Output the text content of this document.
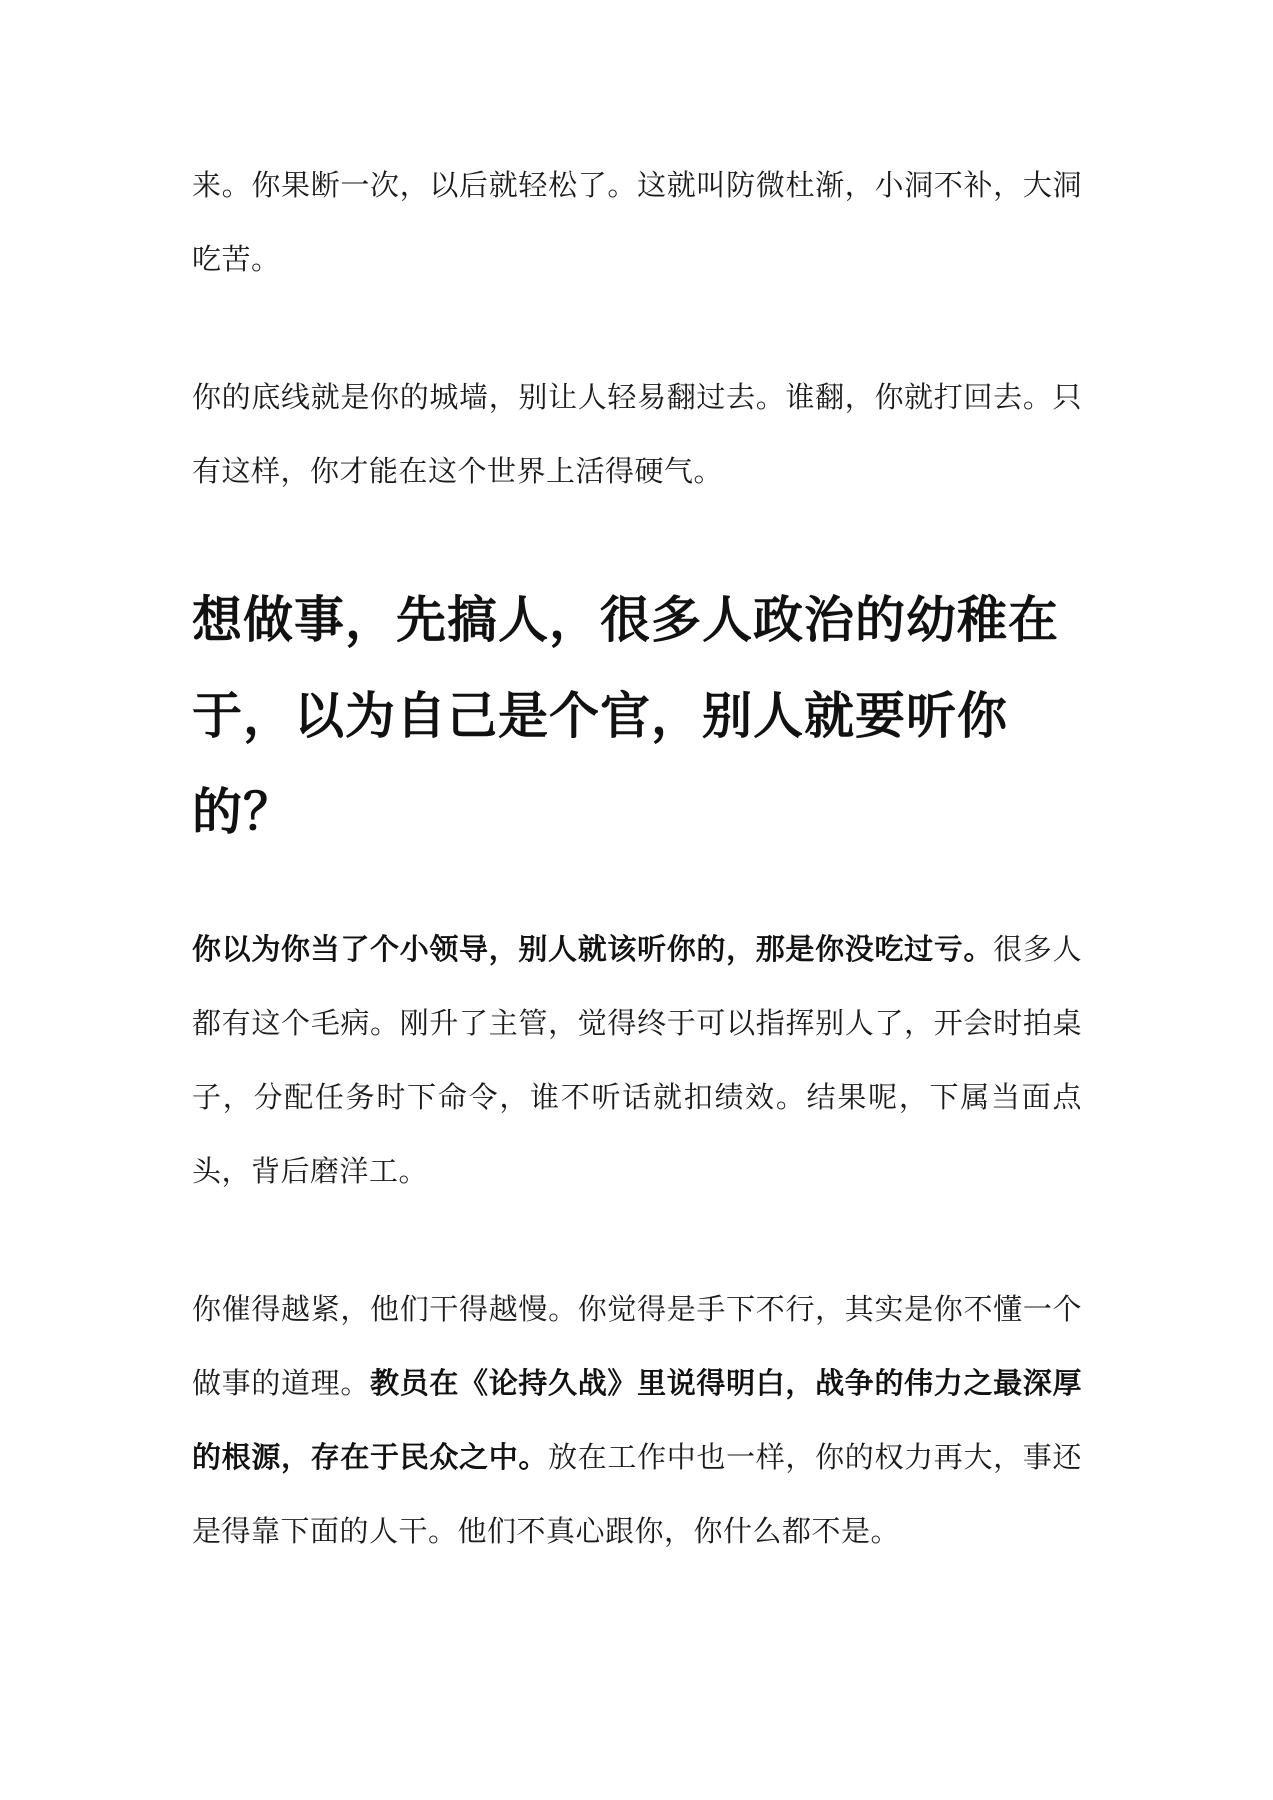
来。你果断一次，以后就轻松了。这就叫防微杜渐，小洞不补，大洞吃苦。

你的底线就是你的城墙，别让人轻易翻过去。谁翻，你就打回去。只有这样，你才能在这个世界上活得硬气。

想做事，先搞人，很多人政治的幼稚在于，以为自己是个官，别人就要听你的？

你以为你当了个小领导，别人就该听你的，那是你没吃过亏。很多人都有这个毛病。刚升了主管，觉得终于可以指挥别人了，开会时拍桌子，分配任务时下命令，谁不听话就扣绩效。结果呢，下属当面点头，背后磨洋工。

你催得越紧，他们干得越慢。你觉得是手下不行，其实是你不懂一个做事的道理。教员在《论持久战》里说得明白，战争的伟力之最深厚的根源，存在于民众之中。放在工作中也一样，你的权力再大，事还是得靠下面的人干。他们不真心跟你，你什么都不是。
